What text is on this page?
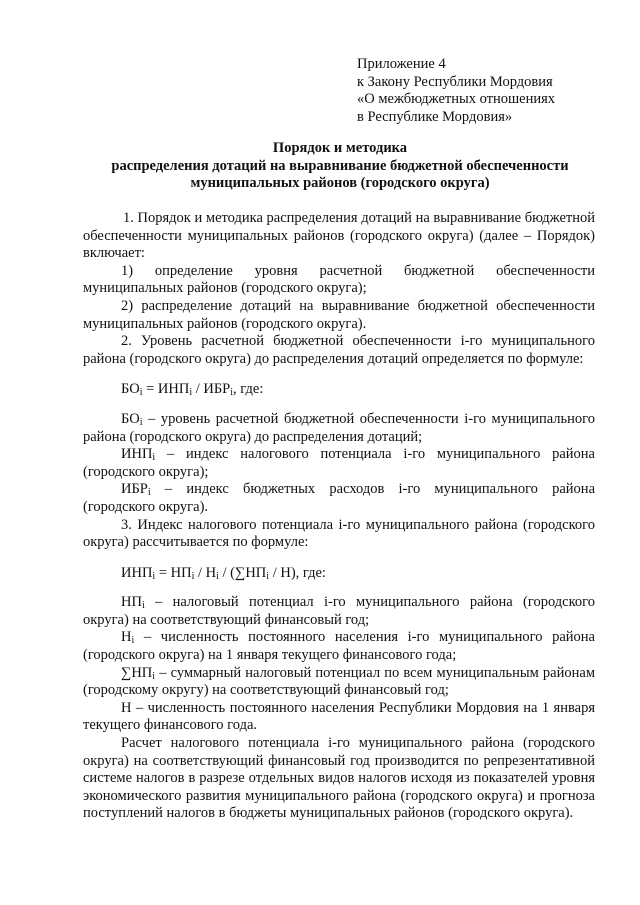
Приложение 4
к Закону Республики Мордовия
«О межбюджетных отношениях
в Республике Мордовия»
Порядок и методика
распределения дотаций на выравнивание бюджетной обеспеченности
муниципальных районов (городского округа)

1. Порядок и методика распределения дотаций на выравнивание бюджетной обеспеченности муниципальных районов (городского округа) (далее – Порядок) включает:

1) определение уровня расчетной бюджетной обеспеченности муниципальных районов (городского округа);

2) распределение дотаций на выравнивание бюджетной обеспеченности муниципальных районов (городского округа).

2. Уровень расчетной бюджетной обеспеченности i-го муниципального района (городского округа) до распределения дотаций определяется по формуле:

$БО_i = ИНП_i / ИБР_i$, где:

$БО_i$ – уровень расчетной бюджетной обеспеченности i-го муниципального района (городского округа) до распределения дотаций;

$ИНП_i$ – индекс налогового потенциала i-го муниципального района (городского округа);

$ИБР_i$ – индекс бюджетных расходов i-го муниципального района (городского округа).

3. Индекс налогового потенциала i-го муниципального района (городского округа) рассчитывается по формуле:

$ИНП_i = НП_i / Н_i / (\sum НП_i / Н)$, где:

$НП_i$ – налоговый потенциал i-го муниципального района (городского округа) на соответствующий финансовый год;

$Н_i$ – численность постоянного населения i-го муниципального района (городского округа) на 1 января текущего финансового года;

$\sum НП_i$ – суммарный налоговый потенциал по всем муниципальным районам (городскому округу) на соответствующий финансовый год;

Н – численность постоянного населения Республики Мордовия на 1 января текущего финансового года.

Расчет налогового потенциала i-го муниципального района (городского округа) на соответствующий финансовый год производится по репрезентативной системе налогов в разрезе отдельных видов налогов исходя из показателей уровня экономического развития муниципального района (городского округа) и прогноза поступлений налогов в бюджеты муниципальных районов (городского округа).
